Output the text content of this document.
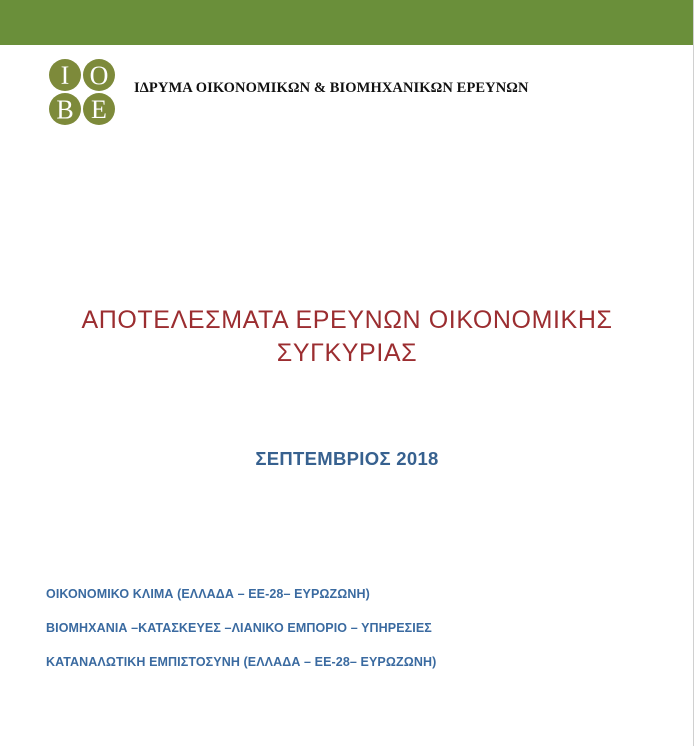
Ι Ο
Β Ε
ΙΔΡΥΜΑ ΟΙΚΟΝΟΜΙΚΩΝ & ΒΙΟΜΗΧΑΝΙΚΩΝ ΕΡΕΥΝΩΝ
ΑΠΟΤΕΛΕΣΜΑΤΑ ΕΡΕΥΝΩΝ ΟΙΚΟΝΟΜΙΚΗΣ
ΣΥΓΚΥΡΙΑΣ
ΣΕΠΤΕΜΒΡΙΟΣ 2018
ΟΙΚΟΝΟΜΙΚΟ ΚΛΙΜΑ (ΕΛΛΑΔΑ – ΕΕ-28– ΕΥΡΩΖΩΝΗ)
ΒΙΟΜΗΧΑΝΙΑ –ΚΑΤΑΣΚΕΥΕΣ –ΛΙΑΝΙΚΟ ΕΜΠΟΡΙΟ – ΥΠΗΡΕΣΙΕΣ
ΚΑΤΑΝΑΛΩΤΙΚΗ ΕΜΠΙΣΤΟΣΥΝΗ (ΕΛΛΑΔΑ – ΕΕ-28– ΕΥΡΩΖΩΝΗ)
